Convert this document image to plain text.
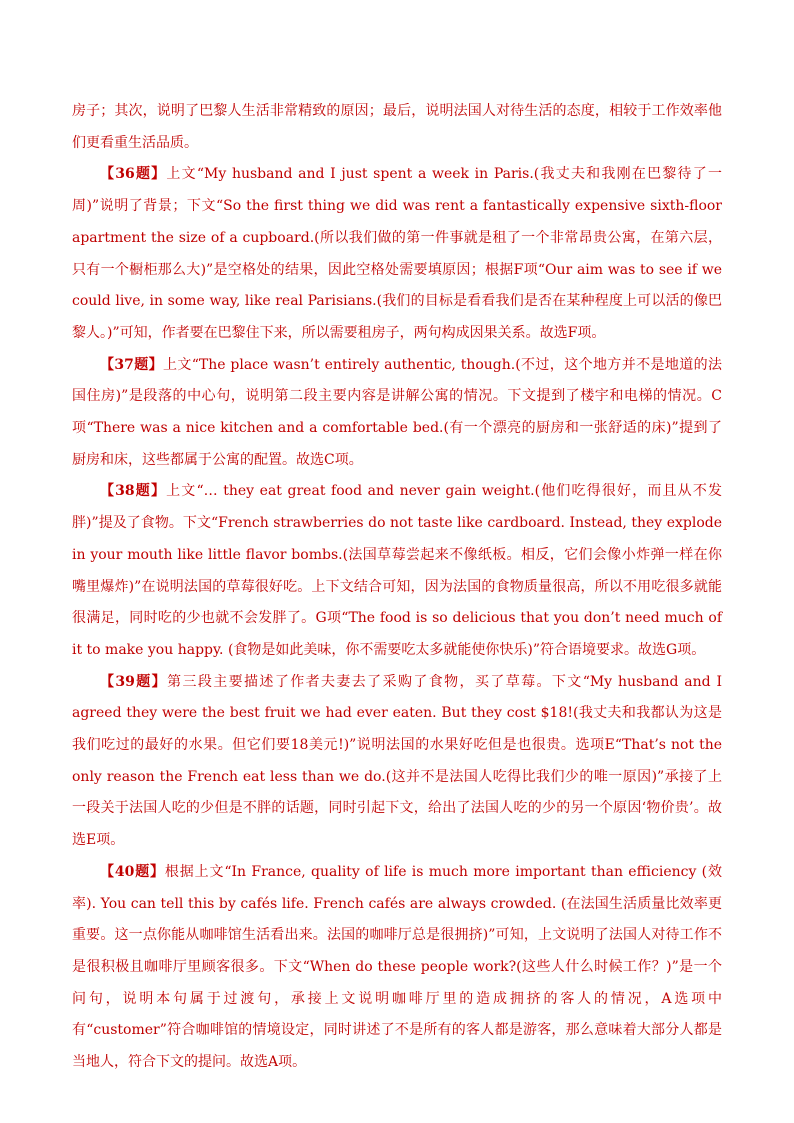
房子；其次，说明了巴黎人生活非常精致的原因；最后，说明法国人对待生活的态度，相较于工作效率他们更看重生活品质。

【36题】上文“My husband and I just spent a week in Paris.(我丈夫和我刚在巴黎待了一周)”说明了背景；下文“So the first thing we did was rent a fantastically expensive sixth-floor apartment the size of a cupboard.(所以我们做的第一件事就是租了一个非常昂贵公寓，在第六层，只有一个橱柜那么大)”是空格处的结果，因此空格处需要填原因；根据F项“Our aim was to see if we could live, in some way, like real Parisians.(我们的目标是看看我们是否在某种程度上可以活的像巴黎人。)”可知，作者要在巴黎住下来，所以需要租房子，两句构成因果关系。故选F项。

【37题】上文“The place wasn’t entirely authentic, though.(不过，这个地方并不是地道的法国住房)”是段落的中心句，说明第二段主要内容是讲解公寓的情况。下文提到了楼宇和电梯的情况。C项“There was a nice kitchen and a comfortable bed.(有一个漂亮的厨房和一张舒适的床)”提到了厨房和床，这些都属于公寓的配置。故选C项。

【38题】上文“… they eat great food and never gain weight.(他们吃得很好，而且从不发胖)”提及了食物。下文“French strawberries do not taste like cardboard. Instead, they explode in your mouth like little flavor bombs.(法国草莓尝起来不像纸板。相反，它们会像小炸弹一样在你嘴里爆炸)”在说明法国的草莓很好吃。上下文结合可知，因为法国的食物质量很高，所以不用吃很多就能很满足，同时吃的少也就不会发胖了。G项“The food is so delicious that you don’t need much of it to make you happy. (食物是如此美味，你不需要吃太多就能使你快乐)”符合语境要求。故选G项。

【39题】第三段主要描述了作者夫妻去了采购了食物，买了草莓。下文“My husband and I agreed they were the best fruit we had ever eaten. But they cost $18!(我丈夫和我都认为这是我们吃过的最好的水果。但它们要18美元!)”说明法国的水果好吃但是也很贵。选项E“That’s not the only reason the French eat less than we do.(这并不是法国人吃得比我们少的唯一原因)”承接了上一段关于法国人吃的少但是不胖的话题，同时引起下文，给出了法国人吃的少的另一个原因‘物价贵’。故选E项。

【40题】根据上文“In France, quality of life is much more important than efficiency (效率). You can tell this by cafés life. French cafés are always crowded. (在法国生活质量比效率更重要。这一点你能从咖啡馆生活看出来。法国的咖啡厅总是很拥挤)”可知，上文说明了法国人对待工作不是很积极且咖啡厅里顾客很多。下文“When do these people work?(这些人什么时候工作？)”是一个问句，说明本句属于过渡句，承接上文说明咖啡厅里的造成拥挤的客人的情况，A选项中有“customer”符合咖啡馆的情境设定，同时讲述了不是所有的客人都是游客，那么意味着大部分人都是当地人，符合下文的提问。故选A项。
